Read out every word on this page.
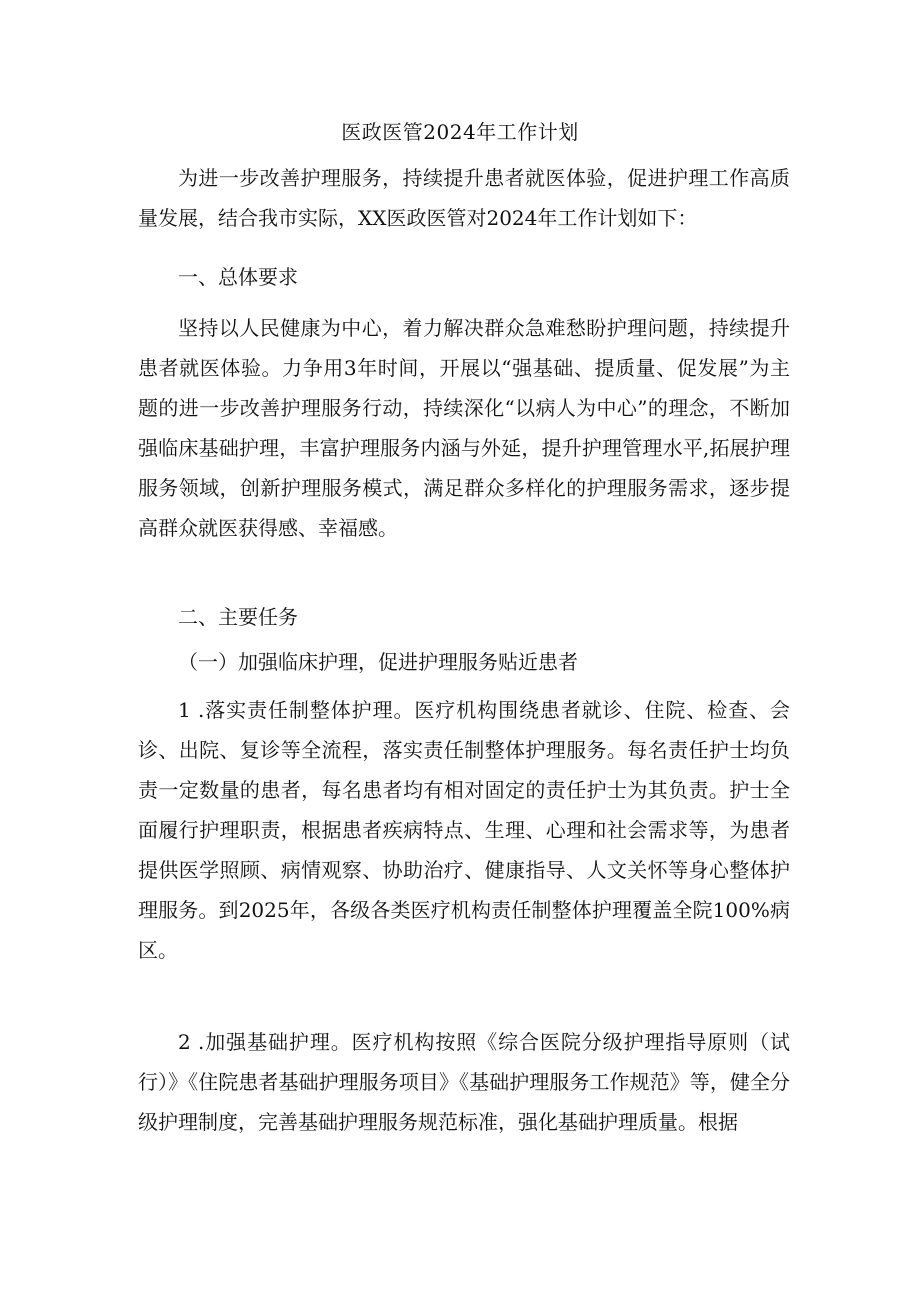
医政医管2024年工作计划

为进一步改善护理服务，持续提升患者就医体验，促进护理工作高质量发展，结合我市实际，XX医政医管对2024年工作计划如下：

一、总体要求

坚持以人民健康为中心，着力解决群众急难愁盼护理问题，持续提升患者就医体验。力争用3年时间，开展以“强基础、提质量、促发展”为主题的进一步改善护理服务行动，持续深化“以病人为中心”的理念，不断加强临床基础护理，丰富护理服务内涵与外延，提升护理管理水平,拓展护理服务领域，创新护理服务模式，满足群众多样化的护理服务需求，逐步提高群众就医获得感、幸福感。

二、主要任务
（一）加强临床护理，促进护理服务贴近患者

1 .落实责任制整体护理。医疗机构围绕患者就诊、住院、检查、会诊、出院、复诊等全流程，落实责任制整体护理服务。每名责任护士均负责一定数量的患者，每名患者均有相对固定的责任护士为其负责。护士全面履行护理职责，根据患者疾病特点、生理、心理和社会需求等，为患者提供医学照顾、病情观察、协助治疗、健康指导、人文关怀等身心整体护理服务。到2025年，各级各类医疗机构责任制整体护理覆盖全院100%病区。

2 .加强基础护理。医疗机构按照《综合医院分级护理指导原则（试行）》《住院患者基础护理服务项目》《基础护理服务工作规范》等，健全分级护理制度，完善基础护理服务规范标准，强化基础护理质量。根据
